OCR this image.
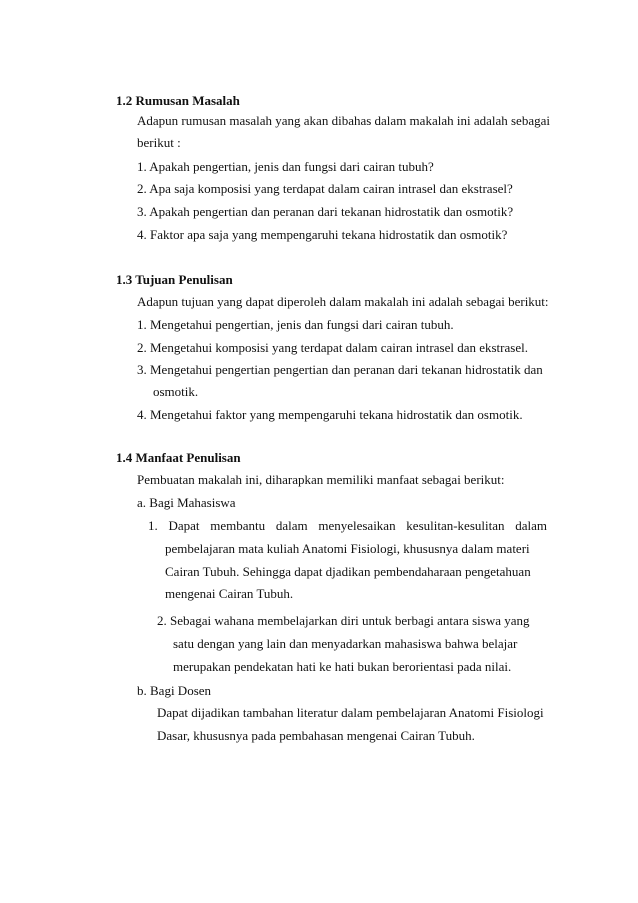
1.2 Rumusan Masalah
Adapun rumusan masalah yang akan dibahas dalam makalah ini adalah sebagai
berikut :
1. Apakah pengertian, jenis dan fungsi dari cairan tubuh?
2. Apa saja komposisi yang terdapat dalam cairan intrasel dan ekstrasel?
3. Apakah pengertian dan peranan dari tekanan hidrostatik dan osmotik?
4. Faktor apa saja yang mempengaruhi tekana hidrostatik dan osmotik?
1.3 Tujuan Penulisan
Adapun tujuan yang dapat diperoleh dalam makalah ini adalah sebagai berikut:
1. Mengetahui pengertian, jenis dan fungsi dari cairan tubuh.
2. Mengetahui komposisi yang terdapat dalam cairan intrasel dan ekstrasel.
3. Mengetahui pengertian pengertian dan peranan dari tekanan hidrostatik dan
osmotik.
4. Mengetahui faktor yang mempengaruhi tekana hidrostatik dan osmotik.
1.4 Manfaat Penulisan
Pembuatan makalah ini, diharapkan memiliki manfaat sebagai berikut:
a. Bagi Mahasiswa
1. Dapat membantu dalam menyelesaikan kesulitan-kesulitan dalam
pembelajaran mata kuliah Anatomi Fisiologi, khususnya dalam materi
Cairan Tubuh. Sehingga dapat djadikan pembendaharaan pengetahuan
mengenai Cairan Tubuh.
2. Sebagai wahana membelajarkan diri untuk berbagi antara siswa yang
satu dengan yang lain dan menyadarkan mahasiswa bahwa belajar
merupakan pendekatan hati ke hati bukan berorientasi pada nilai.
b. Bagi Dosen
Dapat dijadikan tambahan literatur dalam pembelajaran Anatomi Fisiologi
Dasar, khususnya pada pembahasan mengenai Cairan Tubuh.
